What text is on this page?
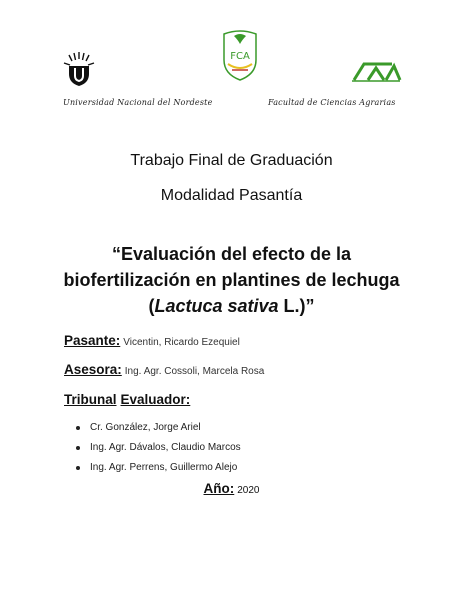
FCA
Universidad Nacional del Nordeste	Facultad de Ciencias Agrarias
Trabajo Final de Graduación
Modalidad Pasantía
“Evaluación del efecto de la
biofertilización en plantines de lechuga
(Lactuca sativa L.)”
Pasante: Vicentin, Ricardo Ezequiel
Asesora: Ing. Agr. Cossoli, Marcela Rosa
Tribunal Evaluador:
Cr. González, Jorge Ariel
Ing. Agr. Dávalos, Claudio Marcos
Ing. Agr. Perrens, Guillermo Alejo
Año: 2020
